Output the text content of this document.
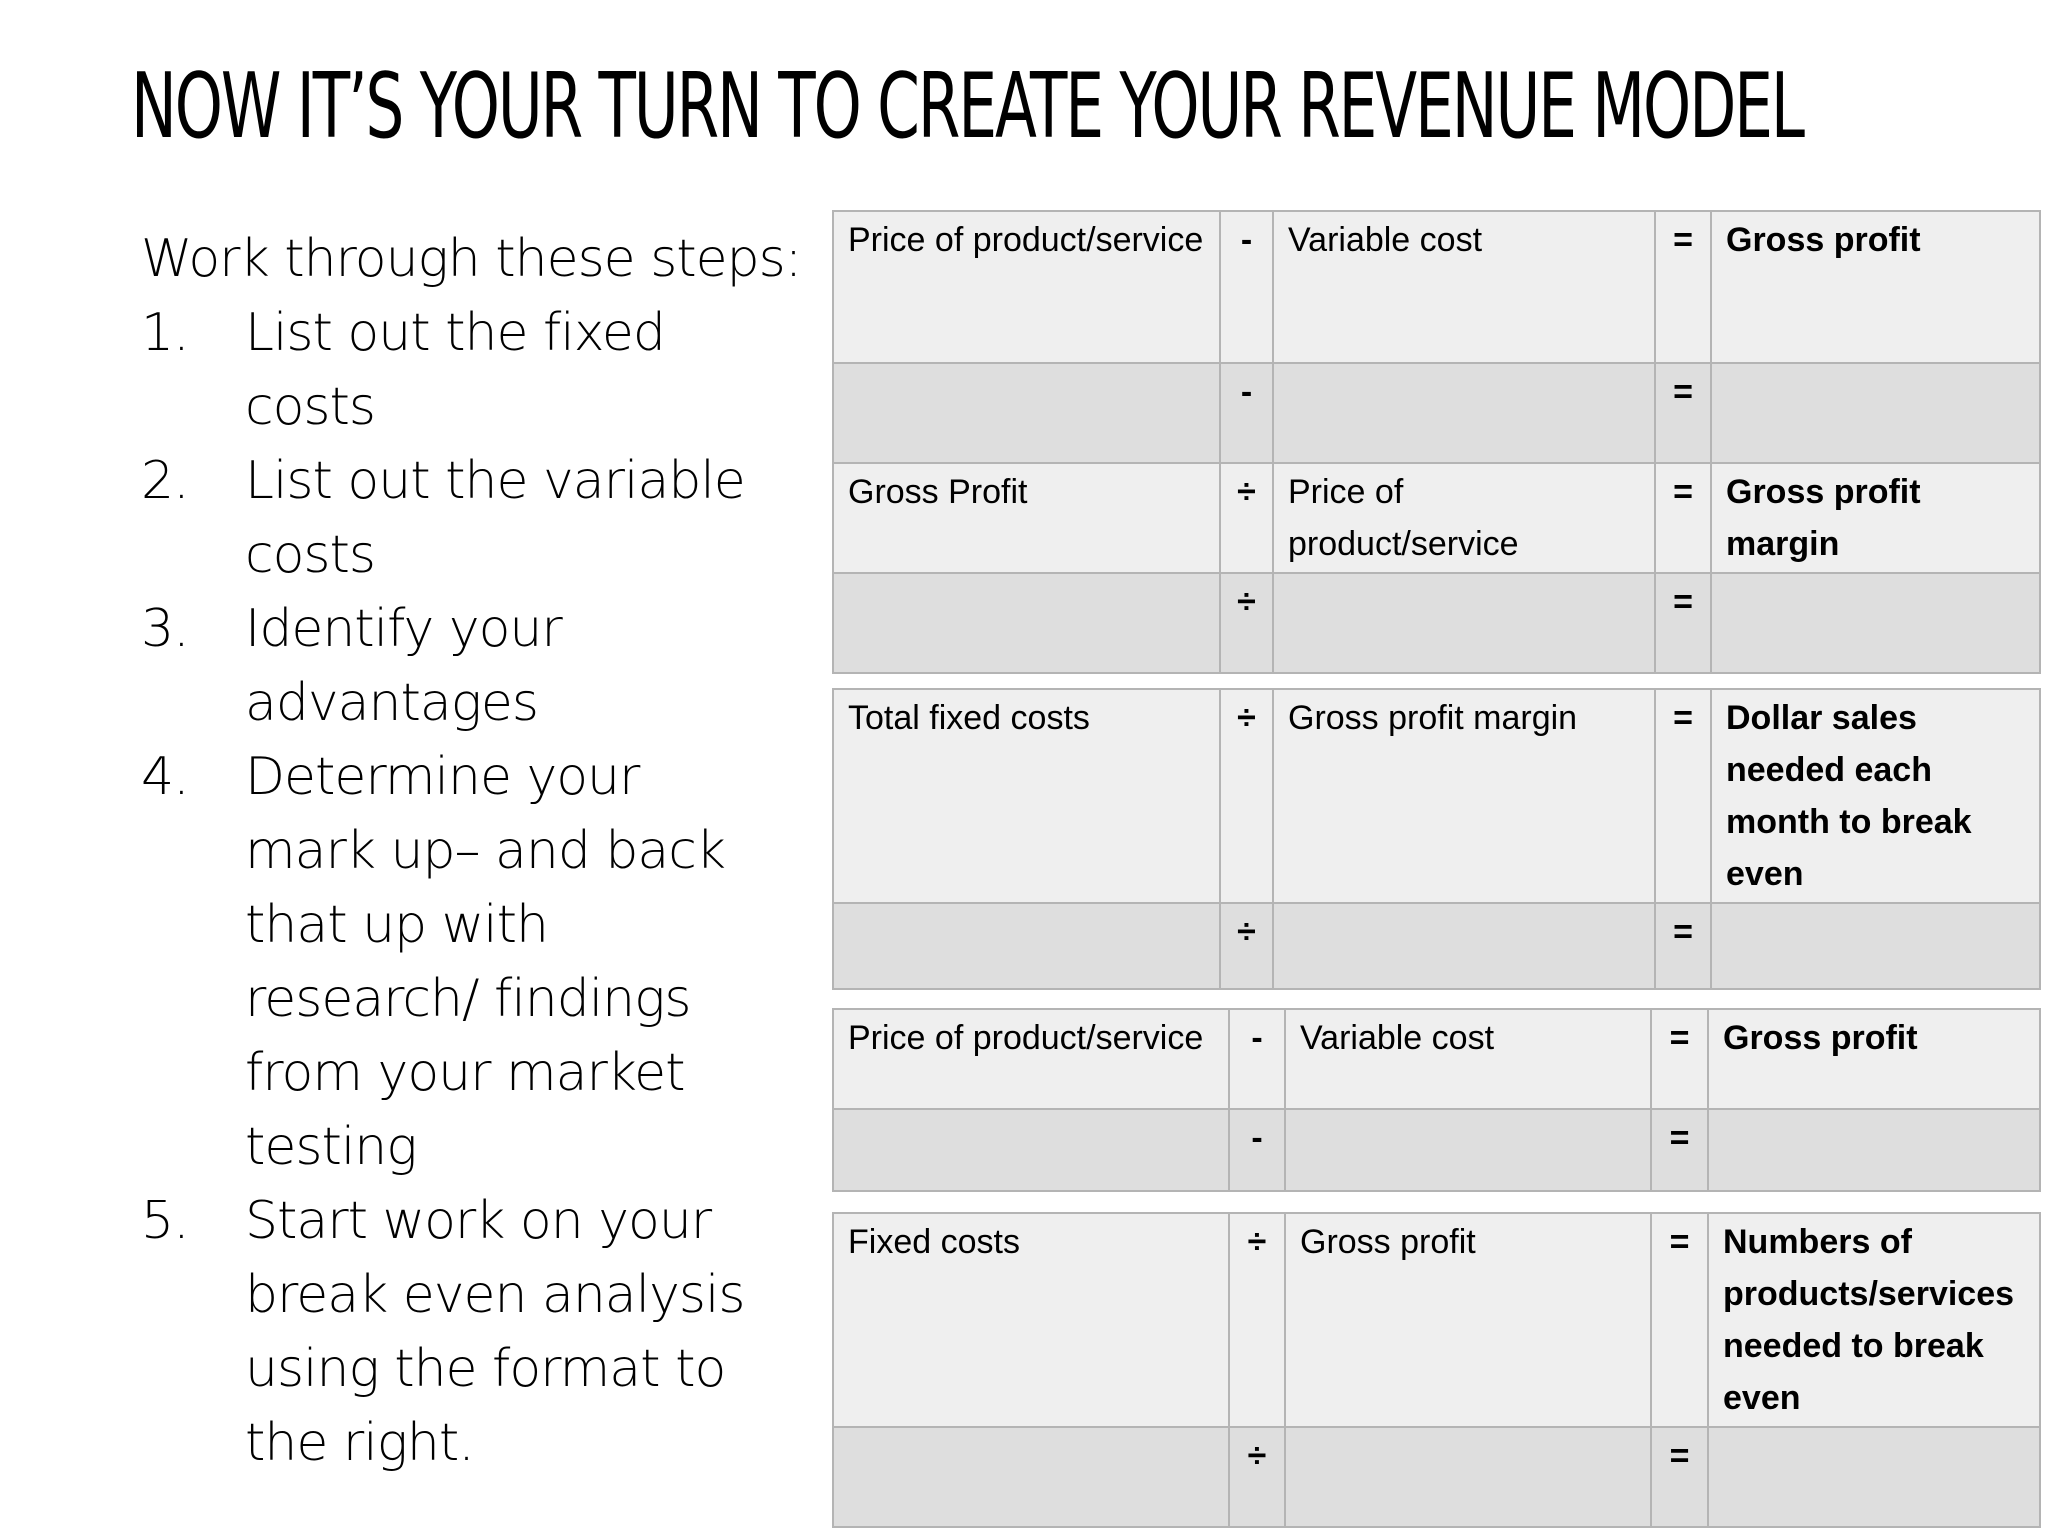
NOW IT’S YOUR TURN TO CREATE YOUR REVENUE MODEL

Work through these steps:

1. List out the fixed costs
2. List out the variable costs
3. Identify your advantages
4. Determine your mark up– and back that up with research/ findings from your market testing
5. Start work on your break even analysis using the format to the right.
Price of product/service	-	Variable cost	=	Gross profit
	-		=	
Gross Profit	÷	Price of product/service	=	Gross profit margin
	÷		=	
Total fixed costs	÷	Gross profit margin	=	Dollar sales needed each month to break even
	÷		=	
Price of product/service	-	Variable cost	=	Gross profit
	-		=	
Fixed costs	÷	Gross profit	=	Numbers of products/services needed to break even
	÷		=	
